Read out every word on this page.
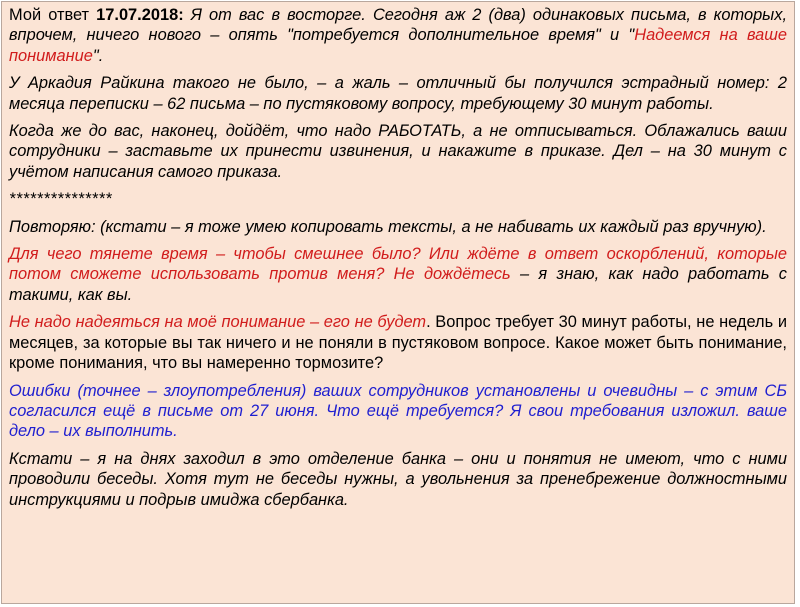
Мой ответ 17.07.2018: Я от вас в восторге. Сегодня аж 2 (два) одинаковых письма, в которых, впрочем, ничего нового – опять "потребуется дополнительное время" и "Надеемся на ваше понимание".

У Аркадия Райкина такого не было, – а жаль – отличный бы получился эстрадный номер: 2 месяца переписки – 62 письма – по пустяковому вопросу, требующему 30 минут работы.

Когда же до вас, наконец, дойдёт, что надо РАБОТАТЬ, а не отписываться. Облажались ваши сотрудники – заставьте их принести извинения, и накажите в приказе. Дел – на 30 минут с учётом написания самого приказа.

***************

Повторяю: (кстати – я тоже умею копировать тексты, а не набивать их каждый раз вручную).

Для чего тянете время – чтобы смешнее было? Или ждёте в ответ оскорблений, которые потом сможете использовать против меня? Не дождётесь – я знаю, как надо работать с такими, как вы.

Не надо надеяться на моё понимание – его не будет. Вопрос требует 30 минут работы, не недель и месяцев, за которые вы так ничего и не поняли в пустяковом вопросе. Какое может быть понимание, кроме понимания, что вы намеренно тормозите?

Ошибки (точнее – злоупотребления) ваших сотрудников установлены и очевидны – с этим СБ согласился ещё в письме от 27 июня. Что ещё требуется? Я свои требования изложил. ваше дело – их выполнить.

Кстати – я на днях заходил в это отделение банка – они и понятия не имеют, что с ними проводили беседы. Хотя тут не беседы нужны, а увольнения за пренебрежение должностными инструкциями и подрыв имиджа сбербанка.
